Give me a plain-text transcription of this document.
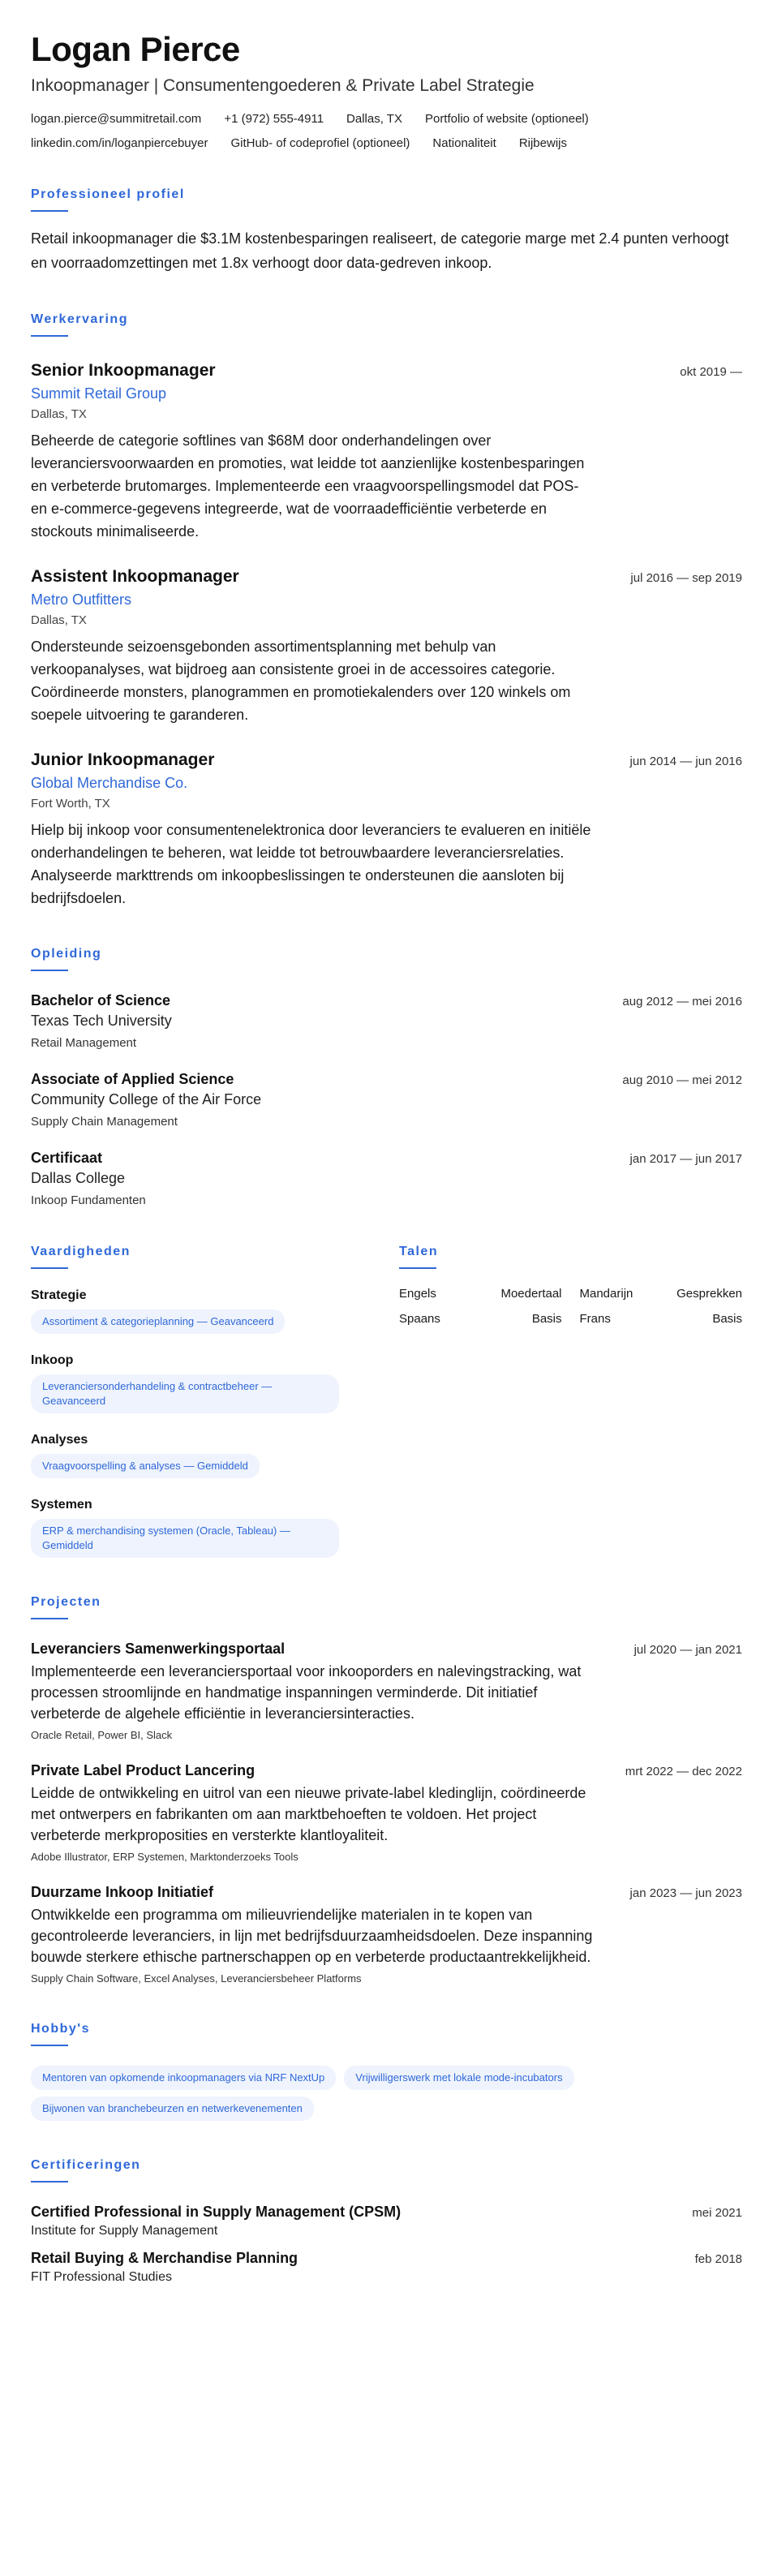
Logan Pierce
Inkoopmanager | Consumentengoederen & Private Label Strategie
logan.pierce@summitretail.com +1 (972) 555-4911 Dallas, TX Portfolio of website (optioneel)
linkedin.com/in/loganpiercebuyer GitHub- of codeprofiel (optioneel) Nationaliteit Rijbewijs
Professioneel profiel
Retail inkoopmanager die $3.1M kostenbesparingen realiseert, de categorie marge met 2.4 punten verhoogt en voorraadomzettingen met 1.8x verhoogt door data-gedreven inkoop.
Werkervaring
Senior Inkoopmanager	okt 2019 —
Summit Retail Group
Dallas, TX
Beheerde de categorie softlines van $68M door onderhandelingen over leveranciersvoorwaarden en promoties, wat leidde tot aanzienlijke kostenbesparingen en verbeterde brutomarges. Implementeerde een vraagvoorspellingsmodel dat POS- en e-commerce-gegevens integreerde, wat de voorraadefficiëntie verbeterde en stockouts minimaliseerde.
Assistent Inkoopmanager	jul 2016 — sep 2019
Metro Outfitters
Dallas, TX
Ondersteunde seizoensgebonden assortimentsplanning met behulp van verkoopanalyses, wat bijdroeg aan consistente groei in de accessoires categorie. Coördineerde monsters, planogrammen en promotiekalenders over 120 winkels om soepele uitvoering te garanderen.
Junior Inkoopmanager	jun 2014 — jun 2016
Global Merchandise Co.
Fort Worth, TX
Hielp bij inkoop voor consumentenelektronica door leveranciers te evalueren en initiële onderhandelingen te beheren, wat leidde tot betrouwbaardere leveranciersrelaties. Analyseerde markttrends om inkoopbeslissingen te ondersteunen die aansloten bij bedrijfsdoelen.
Opleiding
Bachelor of Science	aug 2012 — mei 2016
Texas Tech University
Retail Management
Associate of Applied Science	aug 2010 — mei 2012
Community College of the Air Force
Supply Chain Management
Certificaat	jan 2017 — jun 2017
Dallas College
Inkoop Fundamenten
Vaardigheden
Strategie
Assortiment & categorieplanning — Geavanceerd
Inkoop
Leveranciersonderhandeling & contractbeheer — Geavanceerd
Analyses
Vraagvoorspelling & analyses — Gemiddeld
Systemen
ERP & merchandising systemen (Oracle, Tableau) — Gemiddeld
Talen
Engels	Moedertaal Mandarijn	Gesprekken
Spaans	Basis Frans	Basis
Projecten
Leveranciers Samenwerkingsportaal	jul 2020 — jan 2021
Implementeerde een leveranciersportaal voor inkooporders en nalevingstracking, wat processen stroomlijnde en handmatige inspanningen verminderde. Dit initiatief verbeterde de algehele efficiëntie in leveranciersinteracties.
Oracle Retail, Power BI, Slack
Private Label Product Lancering	mrt 2022 — dec 2022
Leidde de ontwikkeling en uitrol van een nieuwe private-label kledinglijn, coördineerde met ontwerpers en fabrikanten om aan marktbehoeften te voldoen. Het project verbeterde merkproposities en versterkte klantloyaliteit.
Adobe Illustrator, ERP Systemen, Marktonderzoeks Tools
Duurzame Inkoop Initiatief	jan 2023 — jun 2023
Ontwikkelde een programma om milieuvriendelijke materialen in te kopen van gecontroleerde leveranciers, in lijn met bedrijfsduurzaamheidsdoelen. Deze inspanning bouwde sterkere ethische partnerschappen op en verbeterde productaantrekkelijkheid.
Supply Chain Software, Excel Analyses, Leveranciersbeheer Platforms
Hobby's
Mentoren van opkomende inkoopmanagers via NRF NextUp	Vrijwilligerswerk met lokale mode-incubators
Bijwonen van branchebeurzen en netwerkevenementen
Certificeringen
Certified Professional in Supply Management (CPSM)	mei 2021
Institute for Supply Management
Retail Buying & Merchandise Planning	feb 2018
FIT Professional Studies
